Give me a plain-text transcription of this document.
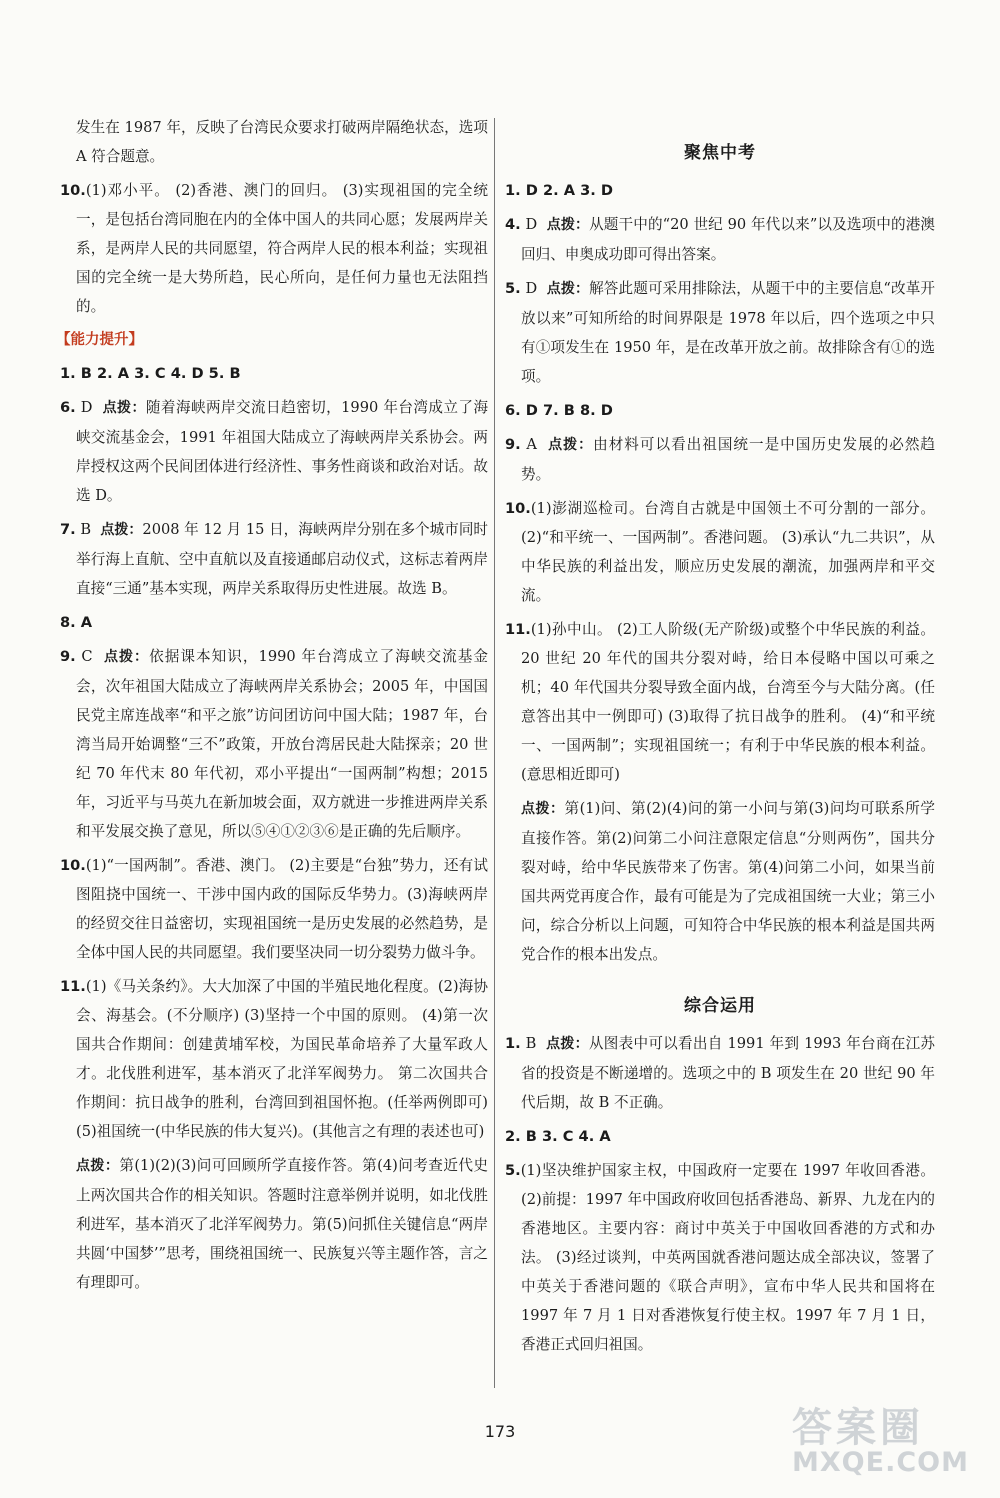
发生在 1987 年，反映了台湾民众要求打破两岸隔绝状态，选项 A 符合题意。

10.(1)邓小平。 (2)香港、澳门的回归。 (3)实现祖国的完全统一，是包括台湾同胞在内的全体中国人的共同心愿；发展两岸关系，是两岸人民的共同愿望，符合两岸人民的根本利益；实现祖国的完全统一是大势所趋，民心所向，是任何力量也无法阻挡的。

【能力提升】

1. B 2. A 3. C 4. D 5. B

6. D 点拨：随着海峡两岸交流日趋密切，1990 年台湾成立了海峡交流基金会，1991 年祖国大陆成立了海峡两岸关系协会。两岸授权这两个民间团体进行经济性、事务性商谈和政治对话。故选 D。

7. B 点拨：2008 年 12 月 15 日，海峡两岸分别在多个城市同时举行海上直航、空中直航以及直接通邮启动仪式，这标志着两岸直接“三通”基本实现，两岸关系取得历史性进展。故选 B。

8. A

9. C 点拨：依据课本知识，1990 年台湾成立了海峡交流基金会，次年祖国大陆成立了海峡两岸关系协会；2005 年，中国国民党主席连战率“和平之旅”访问团访问中国大陆；1987 年，台湾当局开始调整“三不”政策，开放台湾居民赴大陆探亲；20 世纪 70 年代末 80 年代初，邓小平提出“一国两制”构想；2015 年，习近平与马英九在新加坡会面，双方就进一步推进两岸关系和平发展交换了意见，所以⑤④①②③⑥是正确的先后顺序。

10.(1)“一国两制”。香港、澳门。 (2)主要是“台独”势力，还有试图阻挠中国统一、干涉中国内政的国际反华势力。(3)海峡两岸的经贸交往日益密切，实现祖国统一是历史发展的必然趋势，是全体中国人民的共同愿望。我们要坚决同一切分裂势力做斗争。

11.(1)《马关条约》。大大加深了中国的半殖民地化程度。(2)海协会、海基会。(不分顺序) (3)坚持一个中国的原则。 (4)第一次国共合作期间：创建黄埔军校，为国民革命培养了大量军政人才。北伐胜利进军，基本消灭了北洋军阀势力。 第二次国共合作期间：抗日战争的胜利，台湾回到祖国怀抱。(任举两例即可) (5)祖国统一(中华民族的伟大复兴)。(其他言之有理的表述也可)

点拨：第(1)(2)(3)问可回顾所学直接作答。第(4)问考查近代史上两次国共合作的相关知识。答题时注意举例并说明，如北伐胜利进军，基本消灭了北洋军阀势力。第(5)问抓住关键信息“两岸共圆‘中国梦’”思考，围绕祖国统一、民族复兴等主题作答，言之有理即可。

聚焦中考

1. D 2. A 3. D

4. D 点拨：从题干中的“20 世纪 90 年代以来”以及选项中的港澳回归、申奥成功即可得出答案。

5. D 点拨：解答此题可采用排除法，从题干中的主要信息“改革开放以来”可知所给的时间界限是 1978 年以后，四个选项之中只有①项发生在 1950 年，是在改革开放之前。故排除含有①的选项。

6. D 7. B 8. D

9. A 点拨：由材料可以看出祖国统一是中国历史发展的必然趋势。

10.(1)澎湖巡检司。台湾自古就是中国领土不可分割的一部分。 (2)“和平统一、一国两制”。香港问题。 (3)承认“九二共识”，从中华民族的利益出发，顺应历史发展的潮流，加强两岸和平交流。

11.(1)孙中山。 (2)工人阶级(无产阶级)或整个中华民族的利益。20 世纪 20 年代的国共分裂对峙，给日本侵略中国以可乘之机；40 年代国共分裂导致全面内战，台湾至今与大陆分离。(任意答出其中一例即可) (3)取得了抗日战争的胜利。 (4)“和平统一、一国两制”；实现祖国统一；有利于中华民族的根本利益。(意思相近即可)

点拨：第(1)问、第(2)(4)问的第一小问与第(3)问均可联系所学直接作答。第(2)问第二小问注意限定信息“分则两伤”，国共分裂对峙，给中华民族带来了伤害。第(4)问第二小问，如果当前国共两党再度合作，最有可能是为了完成祖国统一大业；第三小问，综合分析以上问题，可知符合中华民族的根本利益是国共两党合作的根本出发点。

综合运用

1. B 点拨：从图表中可以看出自 1991 年到 1993 年台商在江苏省的投资是不断递增的。选项之中的 B 项发生在 20 世纪 90 年代后期，故 B 不正确。

2. B 3. C 4. A

5.(1)坚决维护国家主权，中国政府一定要在 1997 年收回香港。 (2)前提：1997 年中国政府收回包括香港岛、新界、九龙在内的香港地区。主要内容：商讨中英关于中国收回香港的方式和办法。 (3)经过谈判，中英两国就香港问题达成全部决议，签署了中英关于香港问题的《联合声明》，宣布中华人民共和国将在 1997 年 7 月 1 日对香港恢复行使主权。1997 年 7 月 1 日，香港正式回归祖国。

173	答案圈
MXQE.COM
